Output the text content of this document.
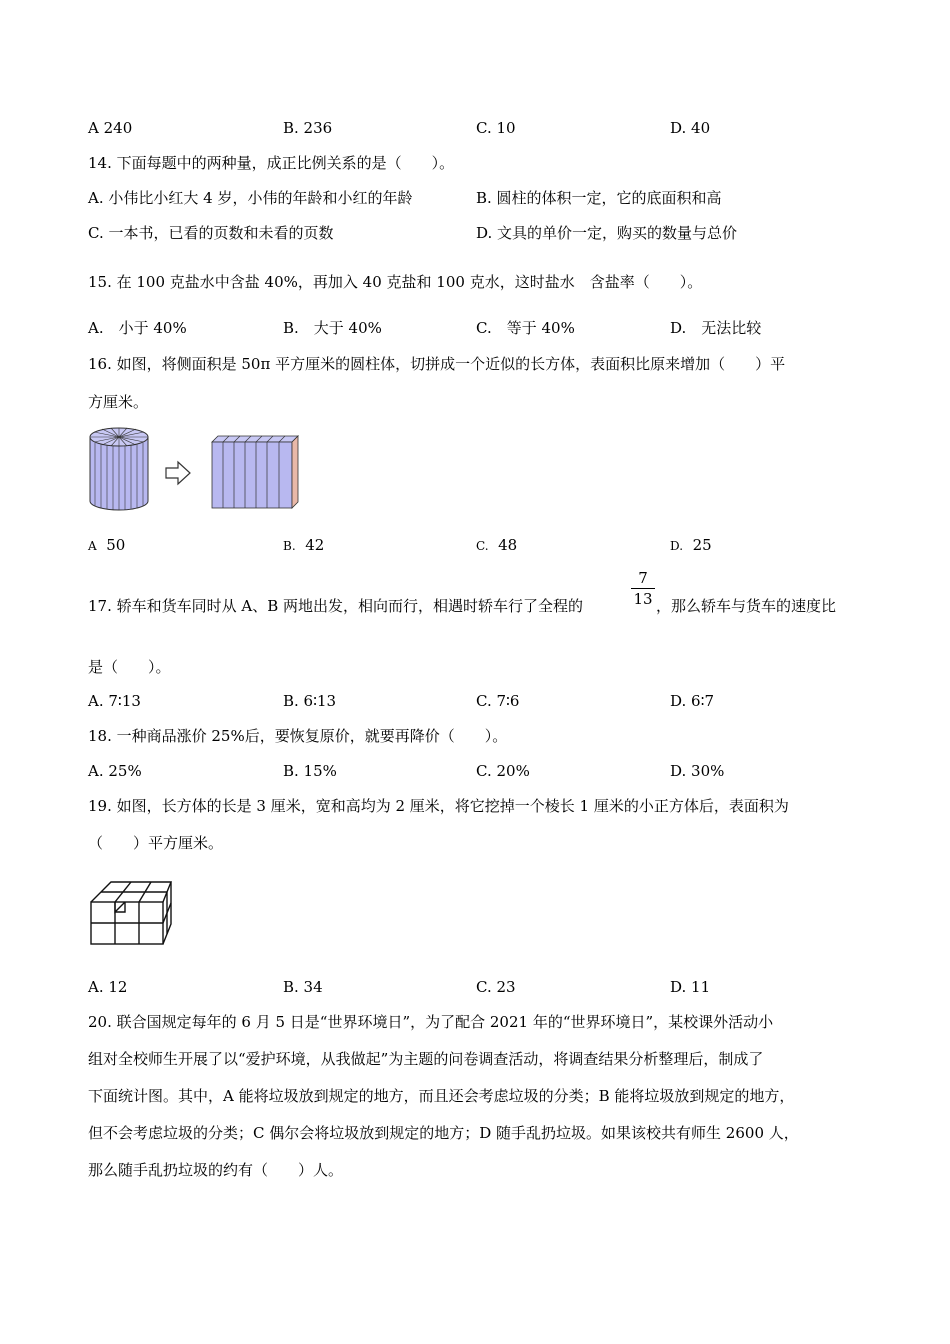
A 240	B. 236	C. 10	D. 40
14. 下面每题中的两种量，成正比例关系的是（　　）。
A. 小伟比小红大 4 岁，小伟的年龄和小红的年龄	B. 圆柱的体积一定，它的底面积和高
C. 一本书，已看的页数和未看的页数	D. 文具的单价一定，购买的数量与总价
15. 在 100 克盐水中含盐 40%，再加入 40 克盐和 100 克水，这时盐水　含盐率（　　）。
A.　小于 40%	B.　大于 40%	C.　等于 40%	D.　无法比较
16. 如图，将侧面积是 50π 平方厘米的圆柱体，切拼成一个近似的长方体，表面积比原来增加（　　）平
方厘米。
A 50	B. 42	C. 48	D. 25
17. 轿车和货车同时从 A、B 两地出发，相向而行，相遇时轿车行了全程的
7
13 ，那么轿车与货车的速度比
是（　　）。
A. 7∶13	B. 6∶13	C. 7∶6	D. 6∶7
18. 一种商品涨价 25%后，要恢复原价，就要再降价（　　）。
A. 25%	B. 15%	C. 20%	D. 30%
19. 如图，长方体的长是 3 厘米，宽和高均为 2 厘米，将它挖掉一个棱长 1 厘米的小正方体后，表面积为
（　　）平方厘米。
A. 12	B. 34	C. 23	D. 11
20. 联合国规定每年的 6 月 5 日是“世界环境日”，为了配合 2021 年的“世界环境日”，某校课外活动小
组对全校师生开展了以“爱护环境，从我做起”为主题的问卷调查活动，将调查结果分析整理后，制成了
下面统计图。其中，A 能将垃圾放到规定的地方，而且还会考虑垃圾的分类；B 能将垃圾放到规定的地方，
但不会考虑垃圾的分类；C 偶尔会将垃圾放到规定的地方；D 随手乱扔垃圾。如果该校共有师生 2600 人，
那么随手乱扔垃圾的约有（　　）人。
